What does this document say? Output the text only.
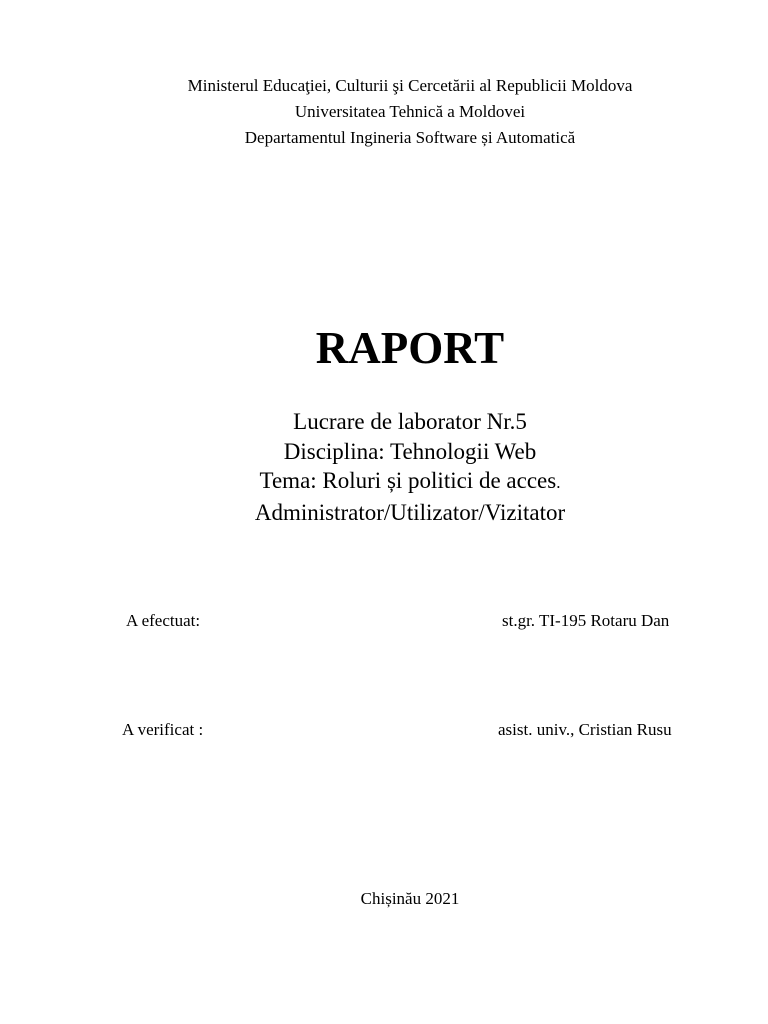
Ministerul Educaţiei, Culturii şi Cercetării al Republicii Moldova
Universitatea Tehnică a Moldovei
Departamentul Ingineria Software și Automatică
RAPORT
Lucrare de laborator Nr.5
Disciplina: Tehnologii Web
Tema: Roluri și politici de acces.
Administrator/Utilizator/Vizitator
A efectuat:	st.gr. TI-195 Rotaru Dan
A verificat :	asist. univ., Cristian Rusu
Chișinău 2021
